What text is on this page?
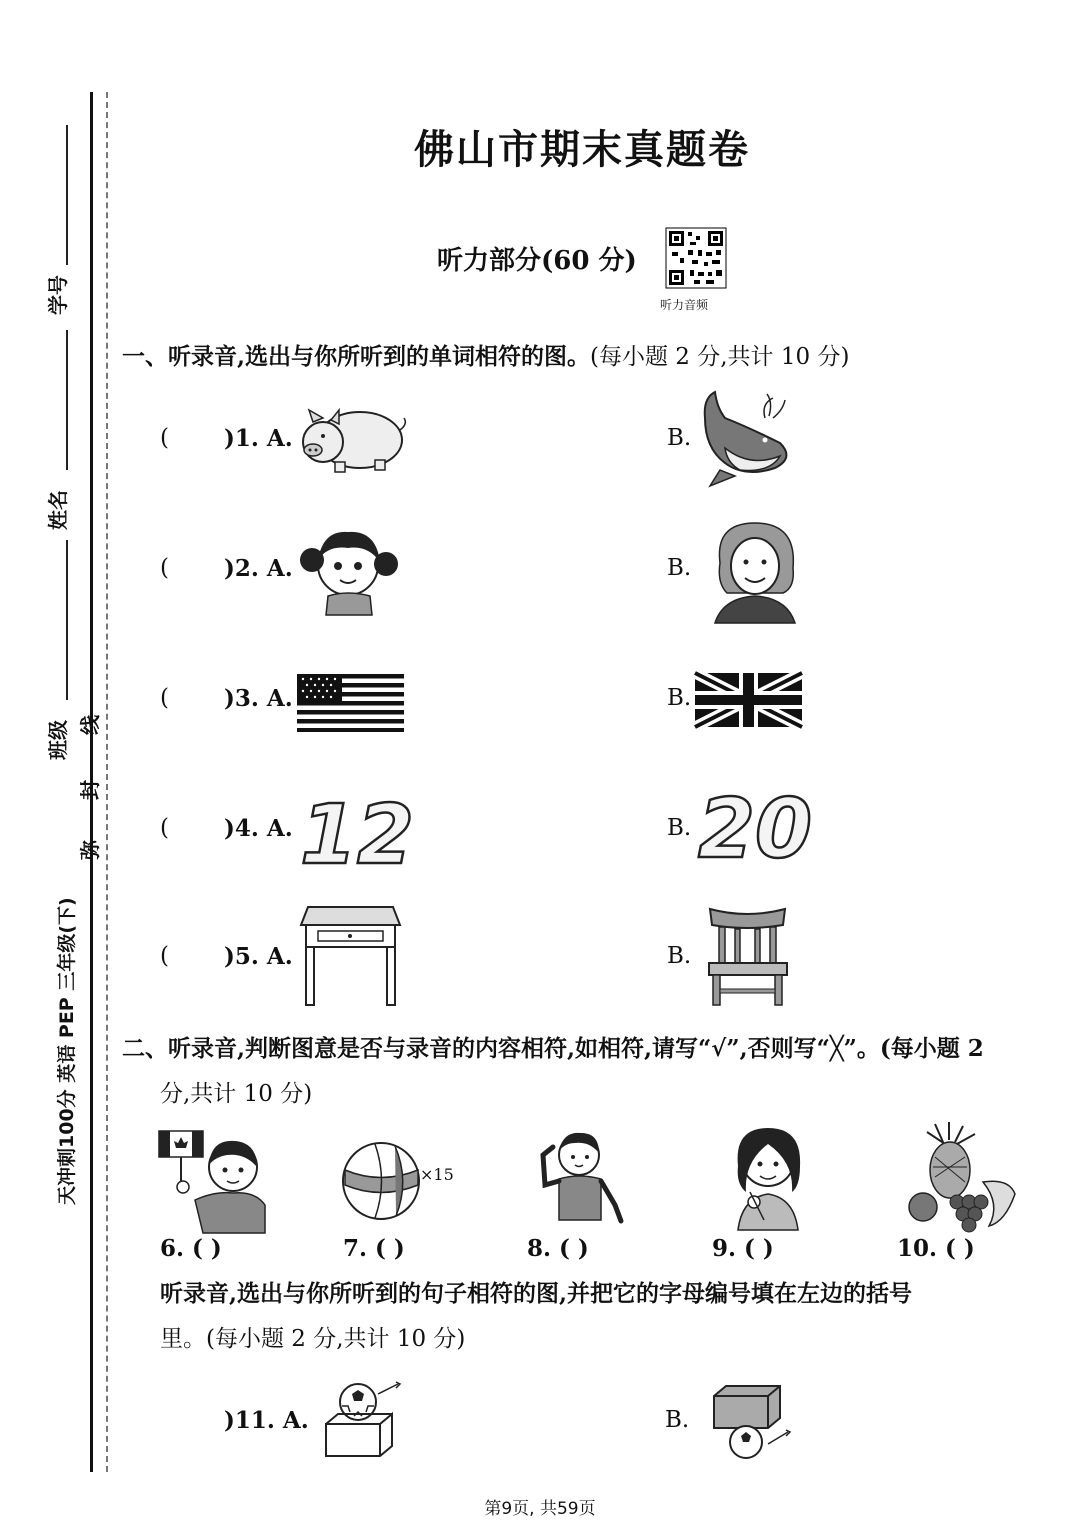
学号
姓名
班级 线
封
弥
天冲刺100分 英语 PEP 三年级(下)
佛山市期末真题卷
听力部分(60 分)
听力音频
一、听录音,选出与你所听到的单词相符的图。(每小题 2 分,共计 10 分)
( )1. A.	B.
( )2. A.	B.
( )3. A.	B.
( )4. A. 12	B. 20
( )5. A.	B.
二、听录音,判断图意是否与录音的内容相符,如相符,请写“√”,否则写“╳”。(每小题 2
分,共计 10 分)
×15
6. ( )	7. ( )	8. ( )	9. ( )	10. ( )
听录音,选出与你所听到的句子相符的图,并把它的字母编号填在左边的括号
里。(每小题 2 分,共计 10 分)
)11. A.	B.
第9页, 共59页
